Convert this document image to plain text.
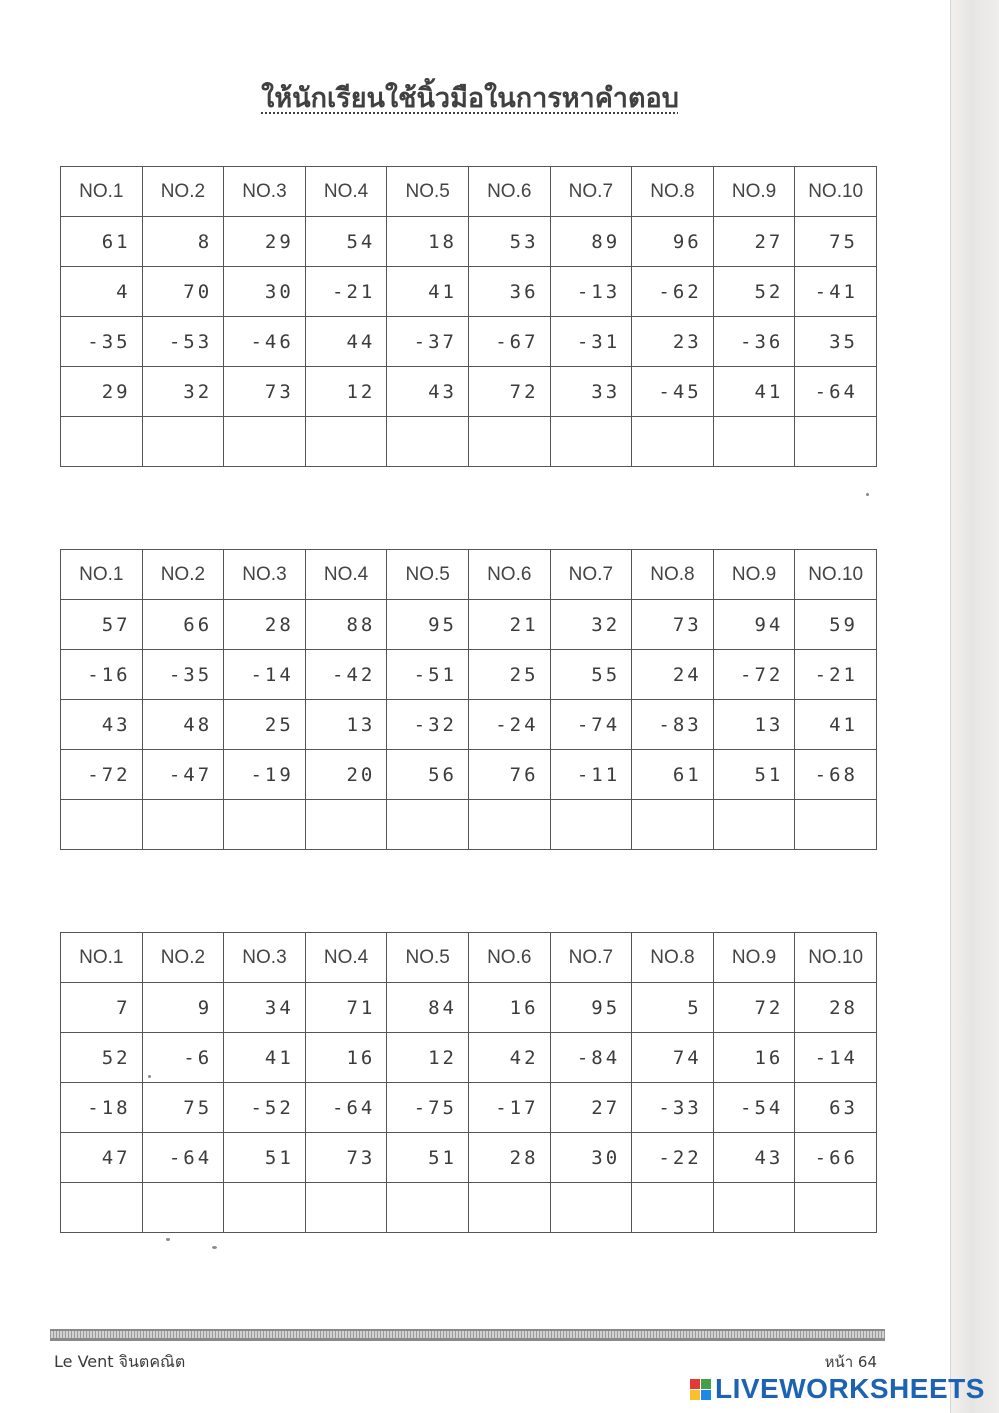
ให้นักเรียนใช้นิ้วมือในการหาคำตอบ
NO.1	NO.2	NO.3	NO.4	NO.5	NO.6	NO.7	NO.8	NO.9	NO.10
61	8	29	54	18	53	89	96	27	75
4	70	30	-21	41	36	-13	-62	52	-41
-35	-53	-46	44	-37	-67	-31	23	-36	35
29	32	73	12	43	72	33	-45	41	-64

NO.1	NO.2	NO.3	NO.4	NO.5	NO.6	NO.7	NO.8	NO.9	NO.10
57	66	28	88	95	21	32	73	94	59
-16	-35	-14	-42	-51	25	55	24	-72	-21
43	48	25	13	-32	-24	-74	-83	13	41
-72	-47	-19	20	56	76	-11	61	51	-68

NO.1	NO.2	NO.3	NO.4	NO.5	NO.6	NO.7	NO.8	NO.9	NO.10
7	9	34	71	84	16	95	5	72	28
52	-6	41	16	12	42	-84	74	16	-14
-18	75	-52	-64	-75	-17	27	-33	-54	63
47	-64	51	73	51	28	30	-22	43	-66

Le Vent จินตคณิต	หน้า 64
LIVEWORKSHEETS
